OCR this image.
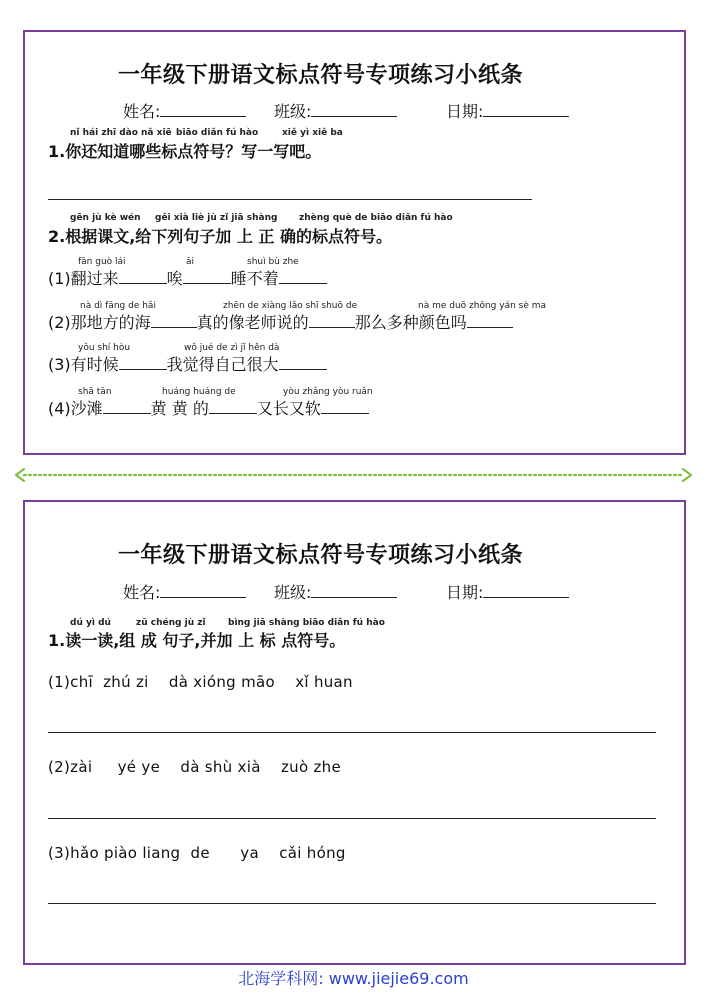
一年级下册语文标点符号专项练习小纸条
姓名:	班级:	日期:
nǐ hái zhī dào nǎ xiē biāo diǎn fú hào	xiě yì xiě ba
1.你还知道哪些标点符号？写一写吧。
gēn jù kè wén gěi xià liè jù zǐ jiā shàng zhèng què de biāo diǎn fú hào
2.根据课文,给下列句子加 上 正 确的标点符号。
fān guò lái	āi	shuì bù zhe
(1)翻过来	唉	睡不着
nà dì fāng de hǎi	zhēn de xiàng lǎo shī shuō de	nà me duō zhǒng yán sè ma
(2)那地方的海	真的像老师说的	那么多种颜色吗
yǒu shí hòu	wǒ jué de zì jǐ hěn dà
(3)有时候	我觉得自己很大
shā tān	huáng huáng de	yòu zhǎng yòu ruǎn
(4)沙滩	黄 黄 的	又长又软
一年级下册语文标点符号专项练习小纸条
姓名:	班级:	日期:
dú yì dú	zǔ chéng jù zǐ bìng jiā shàng biāo diǎn fú hào
1.读一读,组 成 句子,并加 上 标 点符号。
(1)chī  zhú zi    dà xióng māo    xǐ huan
(2)zài     yé ye    dà shù xià    zuò zhe
(3)hǎo piào liang  de      ya    cǎi hóng
北海学科网: www.jiejie69.com
